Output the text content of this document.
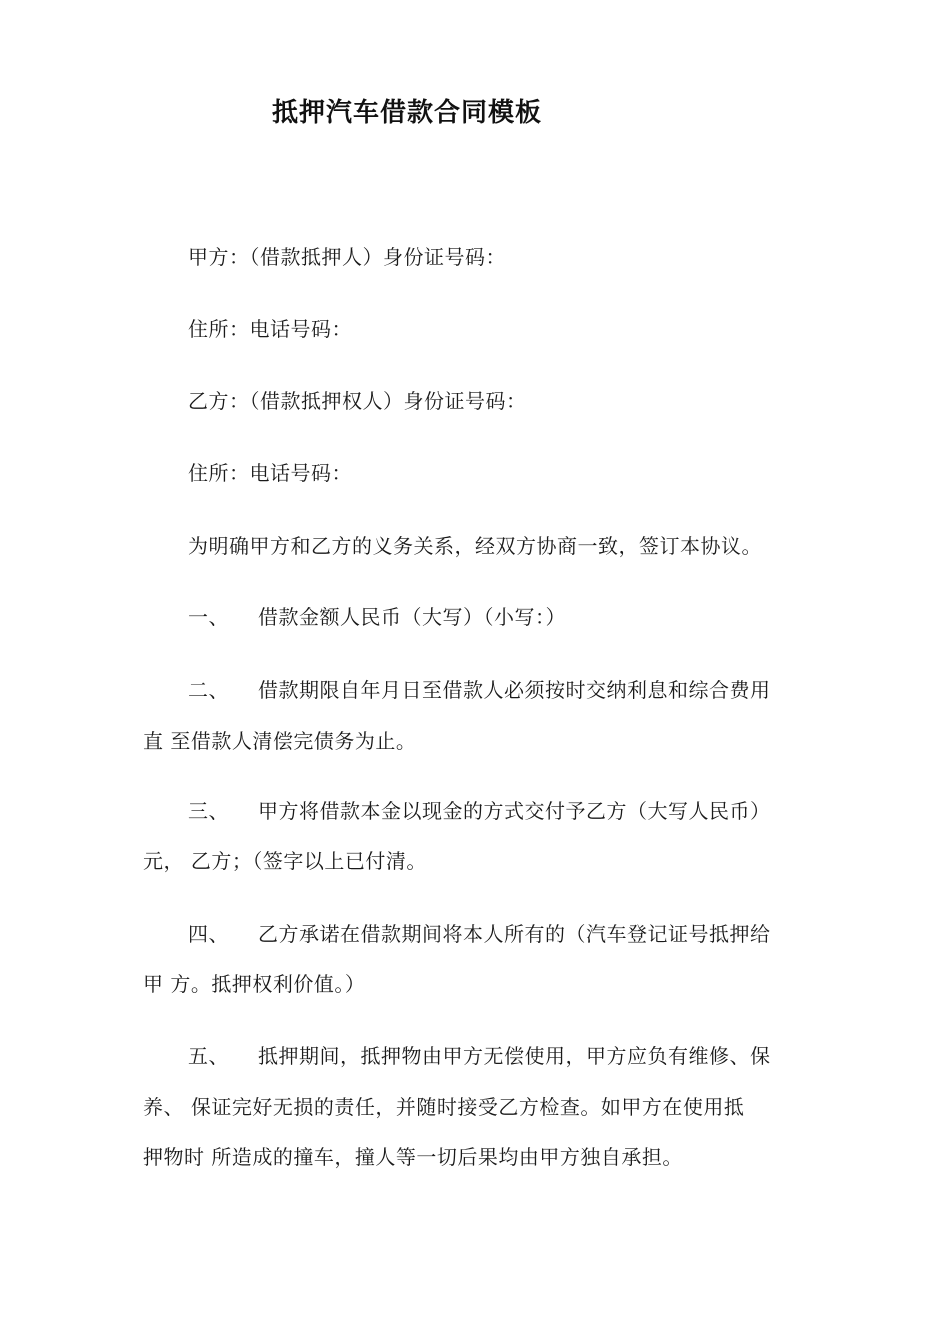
抵押汽车借款合同模板
甲方：（借款抵押人）身份证号码：
住所：电话号码：
乙方：（借款抵押权人）身份证号码：
住所：电话号码：
为明确甲方和乙方的义务关系，经双方协商一致，签订本协议。
一、 借款金额人民币（大写）（小写：）
二、 借款期限自年月日至借款人必须按时交纳利息和综合费用
直 至借款人清偿完债务为止。
三、 甲方将借款本金以现金的方式交付予乙方（大写人民币）
元， 乙方；（签字以上已付清。
四、 乙方承诺在借款期间将本人所有的（汽车登记证号抵押给
甲 方。抵押权利价值。）
五、 抵押期间，抵押物由甲方无偿使用，甲方应负有维修、保
养、 保证完好无损的责任，并随时接受乙方检查。如甲方在使用抵
押物时 所造成的撞车，撞人等一切后果均由甲方独自承担。
